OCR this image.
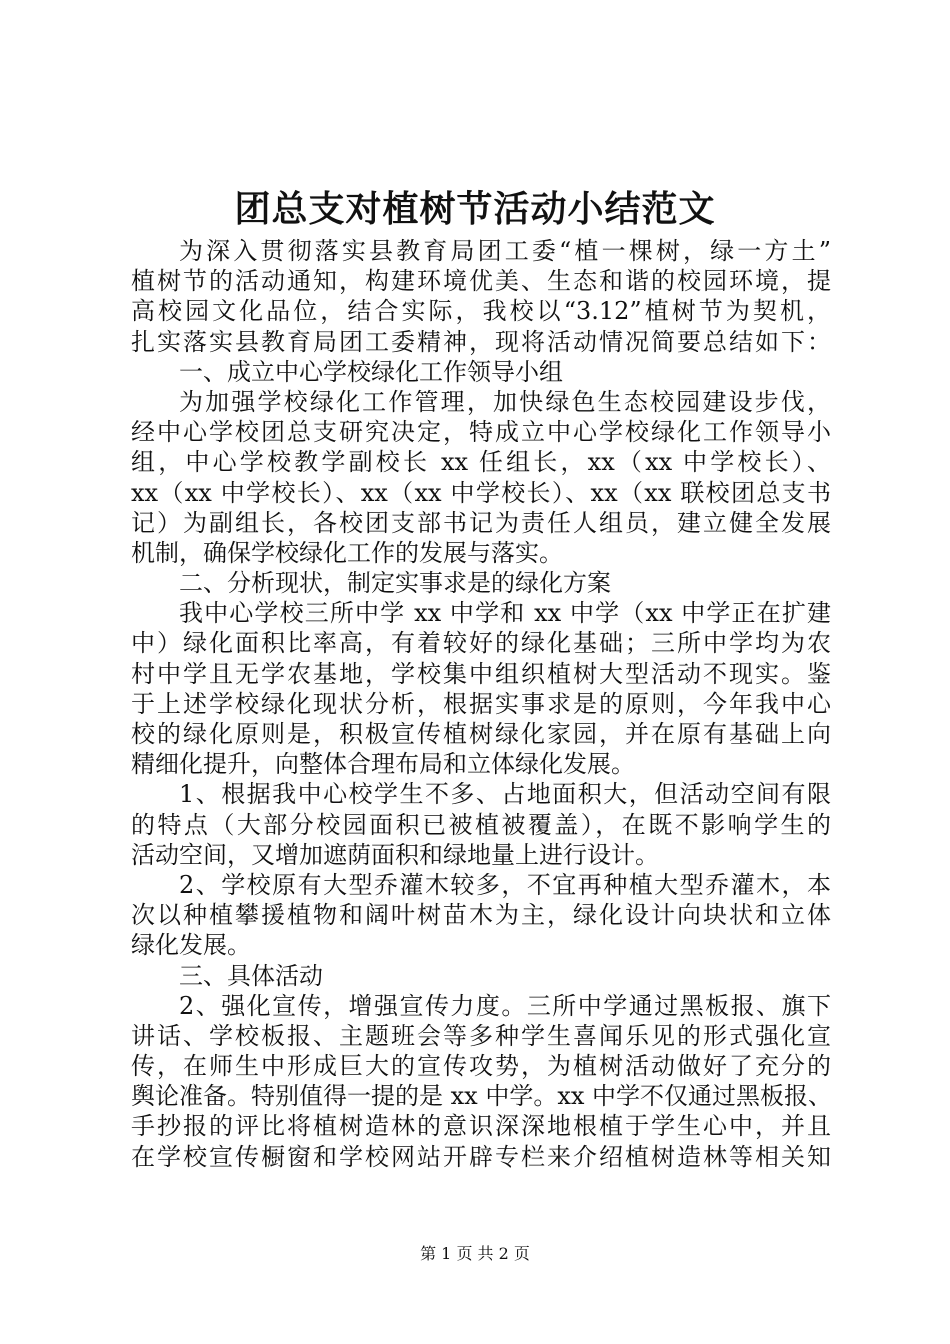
团总支对植树节活动小结范文
为深入贯彻落实县教育局团工委“植一棵树，绿一方土”
植树节的活动通知，构建环境优美、生态和谐的校园环境，提
高校园文化品位，结合实际，我校以“3.12”植树节为契机，
扎实落实县教育局团工委精神，现将活动情况简要总结如下：
一、成立中心学校绿化工作领导小组
为加强学校绿化工作管理，加快绿色生态校园建设步伐，
经中心学校团总支研究决定，特成立中心学校绿化工作领导小
组，中心学校教学副校长 xx 任组长，xx（xx 中学校长）、
xx（xx 中学校长）、xx（xx 中学校长）、xx（xx 联校团总支书
记）为副组长，各校团支部书记为责任人组员，建立健全发展
机制，确保学校绿化工作的发展与落实。
二、分析现状，制定实事求是的绿化方案
我中心学校三所中学 xx 中学和 xx 中学（xx 中学正在扩建
中）绿化面积比率高，有着较好的绿化基础；三所中学均为农
村中学且无学农基地，学校集中组织植树大型活动不现实。鉴
于上述学校绿化现状分析，根据实事求是的原则，今年我中心
校的绿化原则是，积极宣传植树绿化家园，并在原有基础上向
精细化提升，向整体合理布局和立体绿化发展。
1、根据我中心校学生不多、占地面积大，但活动空间有限
的特点（大部分校园面积已被植被覆盖），在既不影响学生的
活动空间，又增加遮荫面积和绿地量上进行设计。
2、学校原有大型乔灌木较多，不宜再种植大型乔灌木，本
次以种植攀援植物和阔叶树苗木为主，绿化设计向块状和立体
绿化发展。
三、具体活动
2、强化宣传，增强宣传力度。三所中学通过黑板报、旗下
讲话、学校板报、主题班会等多种学生喜闻乐见的形式强化宣
传，在师生中形成巨大的宣传攻势，为植树活动做好了充分的
舆论准备。特别值得一提的是 xx 中学。xx 中学不仅通过黑板报、
手抄报的评比将植树造林的意识深深地根植于学生心中，并且
在学校宣传橱窗和学校网站开辟专栏来介绍植树造林等相关知
第 1 页 共 2 页
